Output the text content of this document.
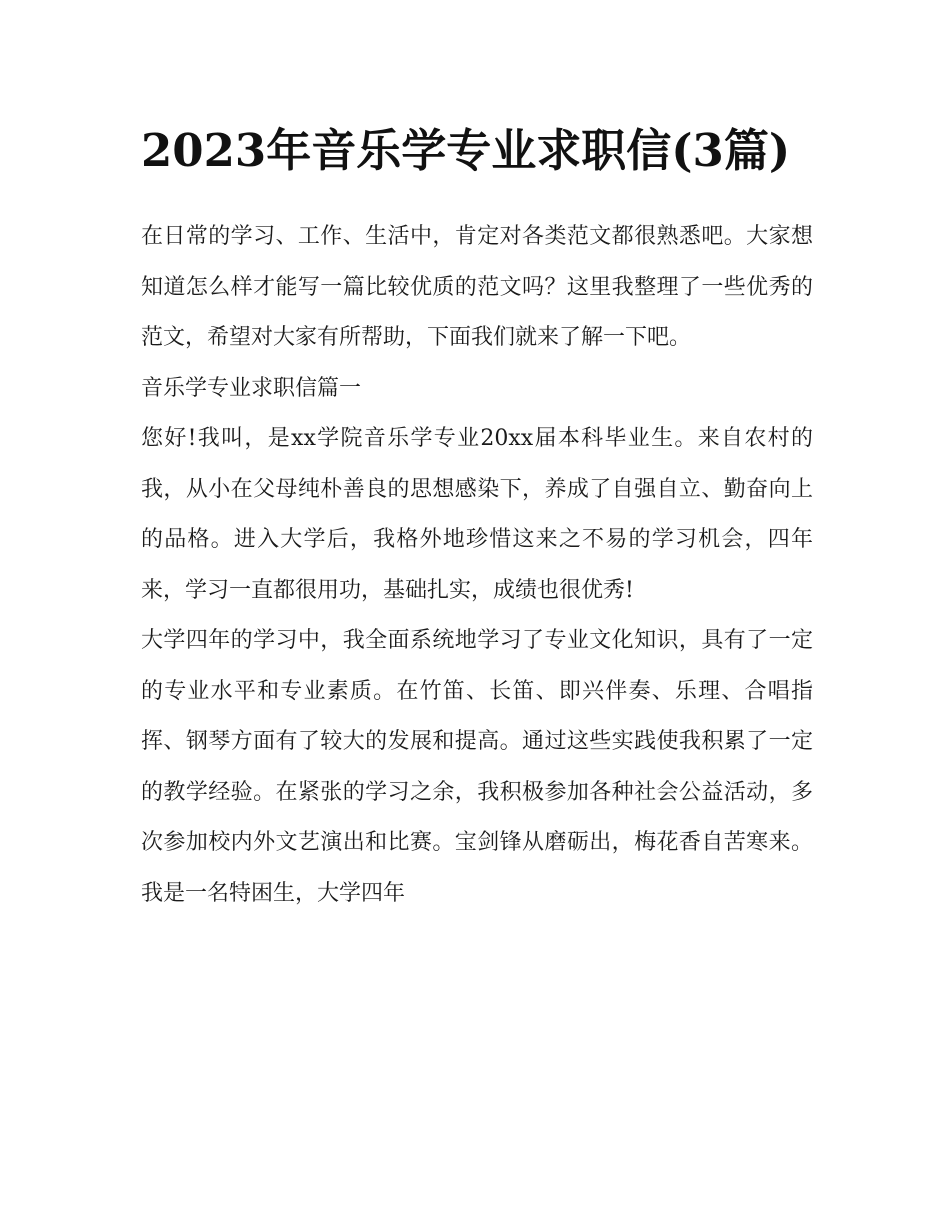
2023年音乐学专业求职信(3篇)

在日常的学习、工作、生活中，肯定对各类范文都很熟悉吧。大家想知道怎么样才能写一篇比较优质的范文吗？这里我整理了一些优秀的范文，希望对大家有所帮助，下面我们就来了解一下吧。

音乐学专业求职信篇一

您好!我叫，是xx学院音乐学专业20xx届本科毕业生。来自农村的我，从小在父母纯朴善良的思想感染下，养成了自强自立、勤奋向上的品格。进入大学后，我格外地珍惜这来之不易的学习机会，四年来，学习一直都很用功，基础扎实，成绩也很优秀!

大学四年的学习中，我全面系统地学习了专业文化知识，具有了一定的专业水平和专业素质。在竹笛、长笛、即兴伴奏、乐理、合唱指挥、钢琴方面有了较大的发展和提高。通过这些实践使我积累了一定的教学经验。在紧张的学习之余，我积极参加各种社会公益活动，多次参加校内外文艺演出和比赛。宝剑锋从磨砺出，梅花香自苦寒来。我是一名特困生，大学四年
